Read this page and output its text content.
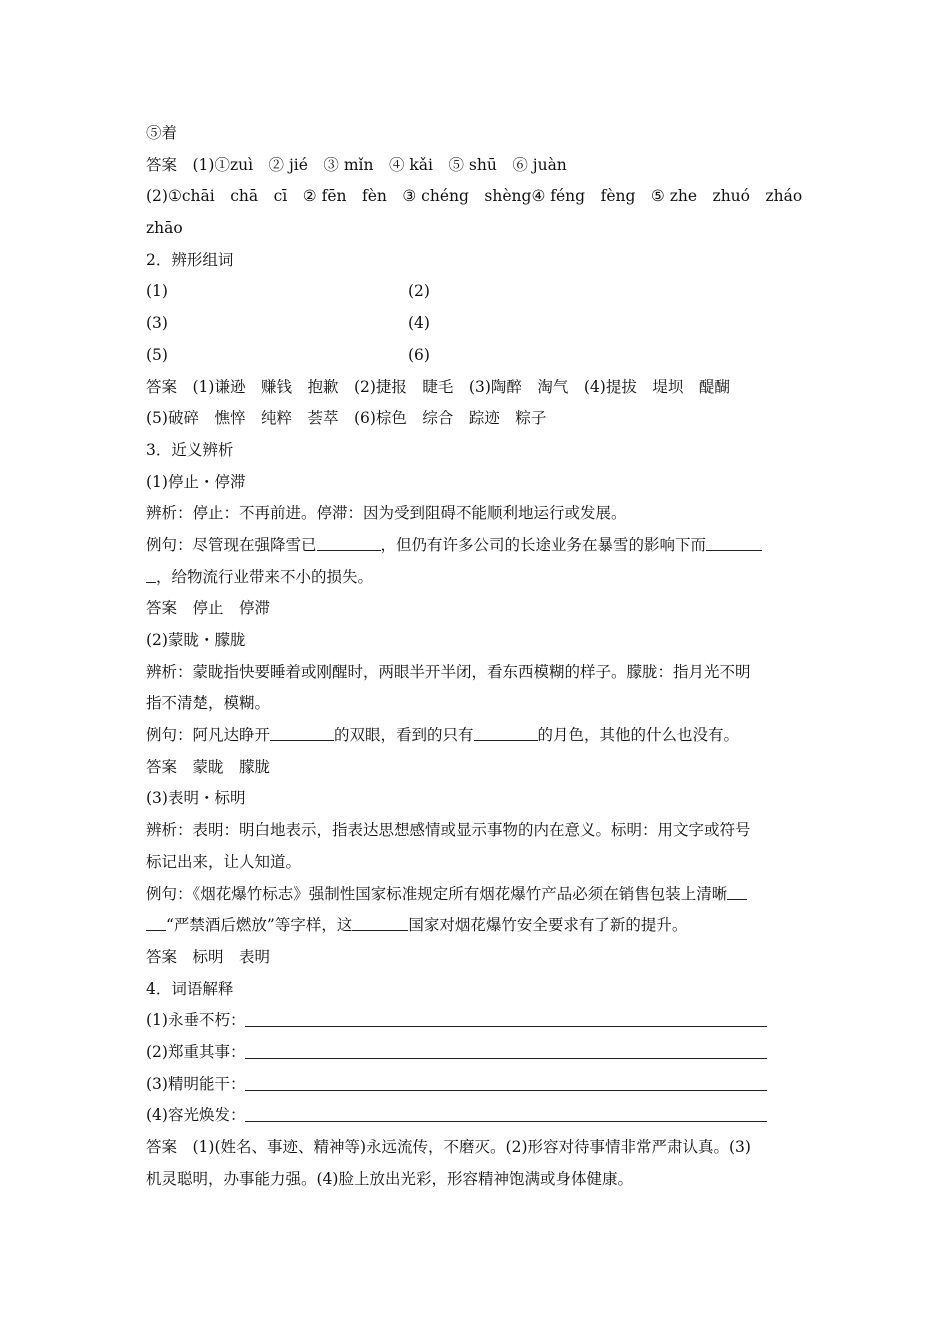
⑤着
答案　(1)①zuì　② jié　③ mǐn　④ kǎi　⑤ shū　⑥ juàn
(2)①chāi　chā　cī　② fēn　fèn　③ chéng　shèng④ féng　fèng　⑤ zhe　zhuó　zháo
zhāo
2．辨形组词
(1)	(2)
(3)	(4)
(5)	(6)
答案　(1)谦逊　赚钱　抱歉　(2)捷报　睫毛　(3)陶醉　淘气　(4)提拔　堤坝　醍醐
(5)破碎　憔悴　纯粹　荟萃　(6)棕色　综合　踪迹　粽子
3．近义辨析
(1)停止・停滞
辨析：停止：不再前进。停滞：因为受到阻碍不能顺利地运行或发展。
例句：尽管现在强降雪已	，但仍有许多公司的长途业务在暴雪的影响下而
，给物流行业带来不小的损失。
答案　停止　停滞
(2)蒙眬・朦胧
辨析：蒙眬指快要睡着或刚醒时，两眼半开半闭，看东西模糊的样子。朦胧：指月光不明
指不清楚，模糊。
例句：阿凡达睁开	的双眼，看到的只有	的月色，其他的什么也没有。
答案　蒙眬　朦胧
(3)表明・标明
辨析：表明：明白地表示，指表达思想感情或显示事物的内在意义。标明：用文字或符号
标记出来，让人知道。
例句：《烟花爆竹标志》强制性国家标准规定所有烟花爆竹产品必须在销售包装上清晰
“严禁酒后燃放”等字样，这	国家对烟花爆竹安全要求有了新的提升。
答案　标明　表明
4．词语解释
(1)永垂不朽：
(2)郑重其事：
(3)精明能干：
(4)容光焕发：
答案　(1)(姓名、事迹、精神等)永远流传，不磨灭。(2)形容对待事情非常严肃认真。(3)
机灵聪明，办事能力强。(4)脸上放出光彩，形容精神饱满或身体健康。
